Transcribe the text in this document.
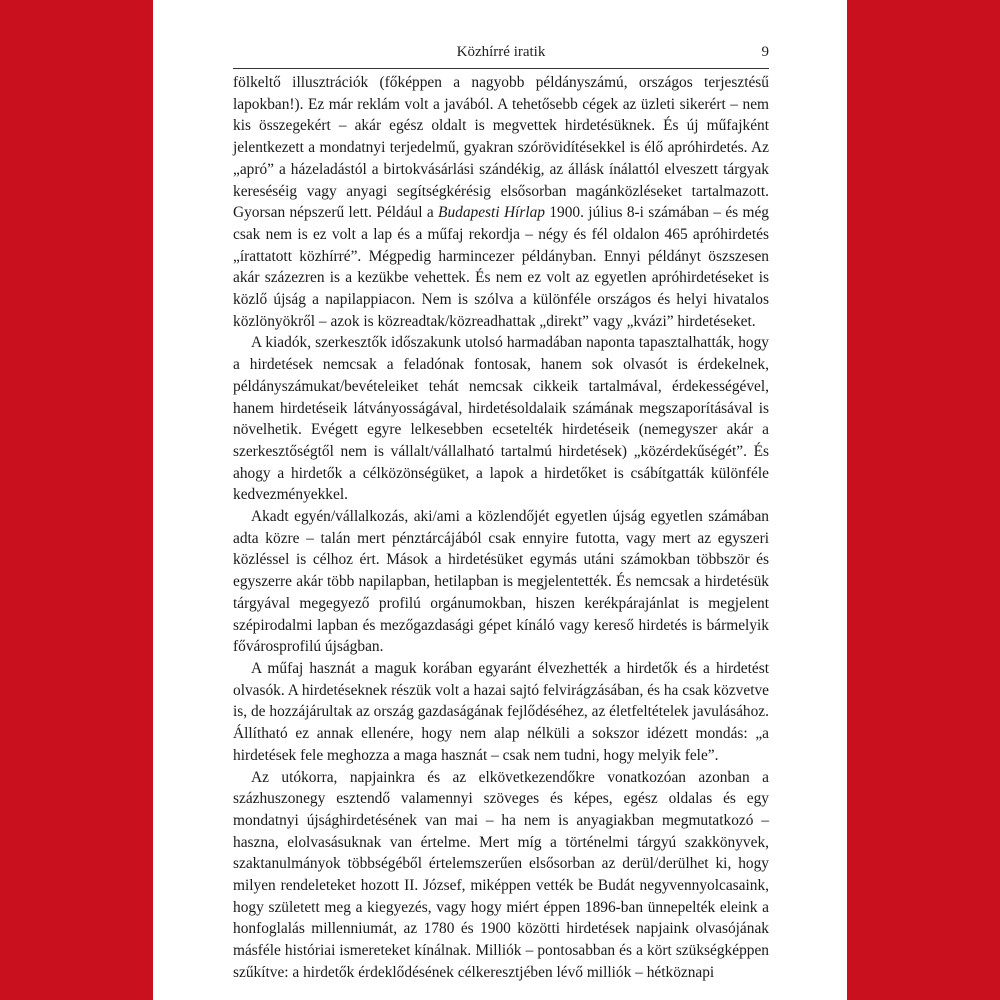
Közhírré iratik	9

fölkeltő illusztrációk (főképpen a nagyobb példányszámú, országos terjesztésű lapokban!). Ez már reklám volt a javából. A tehetősebb cégek az üzleti sikerért – nem kis összegekért – akár egész oldalt is megvettek hirdetésüknek. És új műfajként jelentkezett a mondatnyi terjedelmű, gyakran szórövidítésekkel is élő apróhirdetés. Az „apró” a házeladástól a birtokvásárlási szándékig, az állásk ínálattól elveszett tárgyak kereséséig vagy anyagi segítségkérésig elsősorban magánközléseket tartalmazott. Gyorsan népszerű lett. Például a Budapesti Hírlap 1900. július 8-i számában – és még csak nem is ez volt a lap és a műfaj rekordja – négy és fél oldalon 465 apróhirdetés „írattatott közhírré”. Mégpedig harmincezer példányban. Ennyi példányt öszszesen akár százezren is a kezükbe vehettek. És nem ez volt az egyetlen apróhirdetéseket is közlő újság a napilappiacon. Nem is szólva a különféle országos és helyi hivatalos közlönyökről – azok is közreadtak/közreadhattak „direkt” vagy „kvázi” hirdetéseket.

A kiadók, szerkesztők időszakunk utolsó harmadában naponta tapasztalhatták, hogy a hirdetések nemcsak a feladónak fontosak, hanem sok olvasót is érdekelnek, példányszámukat/bevételeiket tehát nemcsak cikkeik tartalmával, érdekességével, hanem hirdetéseik látványosságával, hirdetésoldalaik számának megszaporításával is növelhetik. Evégett egyre lelkesebben ecsetelték hirdetéseik (nemegyszer akár a szerkesztőségtől nem is vállalt/vállalható tartalmú hirdetések) „közérdekűségét”. És ahogy a hirdetők a célközönségüket, a lapok a hirdetőket is csábítgatták különféle kedvezményekkel.

Akadt egyén/vállalkozás, aki/ami a közlendőjét egyetlen újság egyetlen számában adta közre – talán mert pénztárcájából csak ennyire futotta, vagy mert az egyszeri közléssel is célhoz ért. Mások a hirdetésüket egymás utáni számokban többször és egyszerre akár több napilapban, hetilapban is megjelentették. És nemcsak a hirdetésük tárgyával megegyező profilú orgánumokban, hiszen kerékpárajánlat is megjelent szépirodalmi lapban és mezőgazdasági gépet kínáló vagy kereső hirdetés is bármelyik fővárosprofilú újságban.

A műfaj hasznát a maguk korában egyaránt élvezhették a hirdetők és a hirdetést olvasók. A hirdetéseknek részük volt a hazai sajtó felvirágzásában, és ha csak közvetve is, de hozzájárultak az ország gazdaságának fejlődéséhez, az életfeltételek javulásához. Állítható ez annak ellenére, hogy nem alap nélküli a sokszor idézett mondás: „a hirdetések fele meghozza a maga hasznát – csak nem tudni, hogy melyik fele”.

Az utókorra, napjainkra és az elkövetkezendőkre vonatkozóan azonban a százhuszonegy esztendő valamennyi szöveges és képes, egész oldalas és egy mondatnyi újsághirdetésének van mai – ha nem is anyagiakban megmutatkozó – haszna, elolvasásuknak van értelme. Mert míg a történelmi tárgyú szakkönyvek, szaktanulmányok többségéből értelemszerűen elsősorban az derül/derülhet ki, hogy milyen rendeleteket hozott II. József, miképpen vették be Budát negyvennyolcasaink, hogy született meg a kiegyezés, vagy hogy miért éppen 1896-ban ünnepelték eleink a honfoglalás millenniumát, az 1780 és 1900 közötti hirdetések napjaink olvasójának másféle históriai ismereteket kínálnak. Milliók – pontosabban és a kört szükségképpen szűkítve: a hirdetők érdeklődésének célkeresztjében lévő milliók – hétköznapi
